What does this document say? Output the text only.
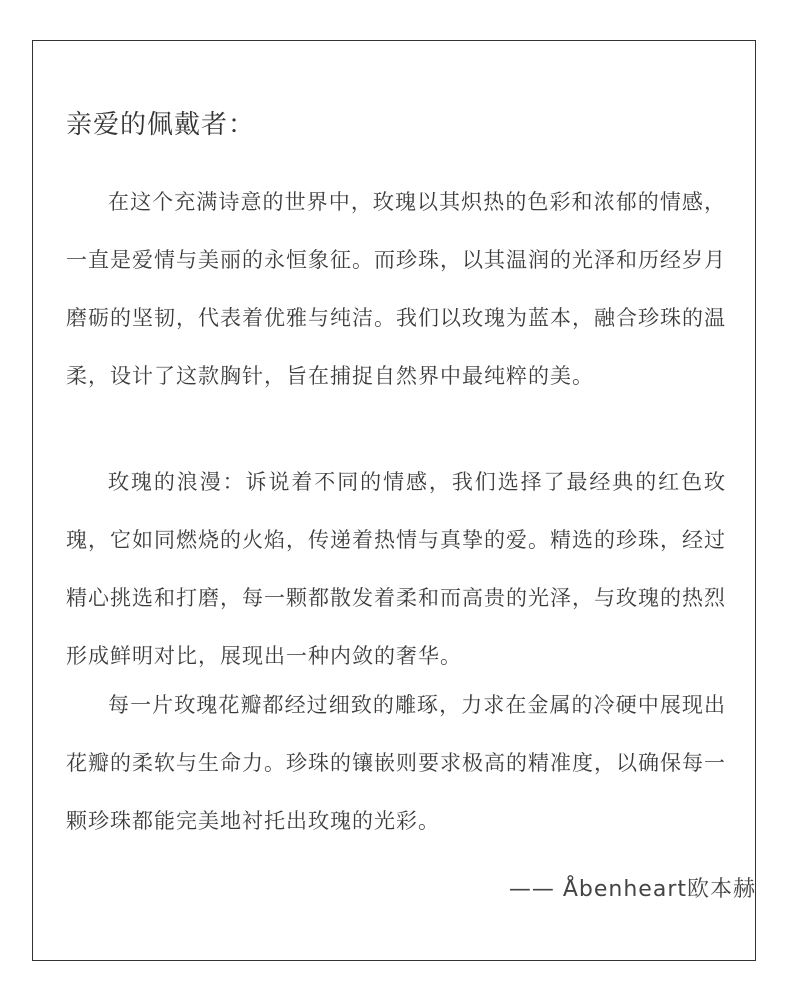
亲爱的佩戴者：

在这个充满诗意的世界中，玫瑰以其炽热的色彩和浓郁的情感，一直是爱情与美丽的永恒象征。而珍珠，以其温润的光泽和历经岁月磨砺的坚韧，代表着优雅与纯洁。我们以玫瑰为蓝本，融合珍珠的温柔，设计了这款胸针，旨在捕捉自然界中最纯粹的美。

玫瑰的浪漫：诉说着不同的情感，我们选择了最经典的红色玫瑰，它如同燃烧的火焰，传递着热情与真挚的爱。精选的珍珠，经过精心挑选和打磨，每一颗都散发着柔和而高贵的光泽，与玫瑰的热烈形成鲜明对比，展现出一种内敛的奢华。

每一片玫瑰花瓣都经过细致的雕琢，力求在金属的冷硬中展现出花瓣的柔软与生命力。珍珠的镶嵌则要求极高的精准度，以确保每一颗珍珠都能完美地衬托出玫瑰的光彩。

—— Åbenheart欧本赫
